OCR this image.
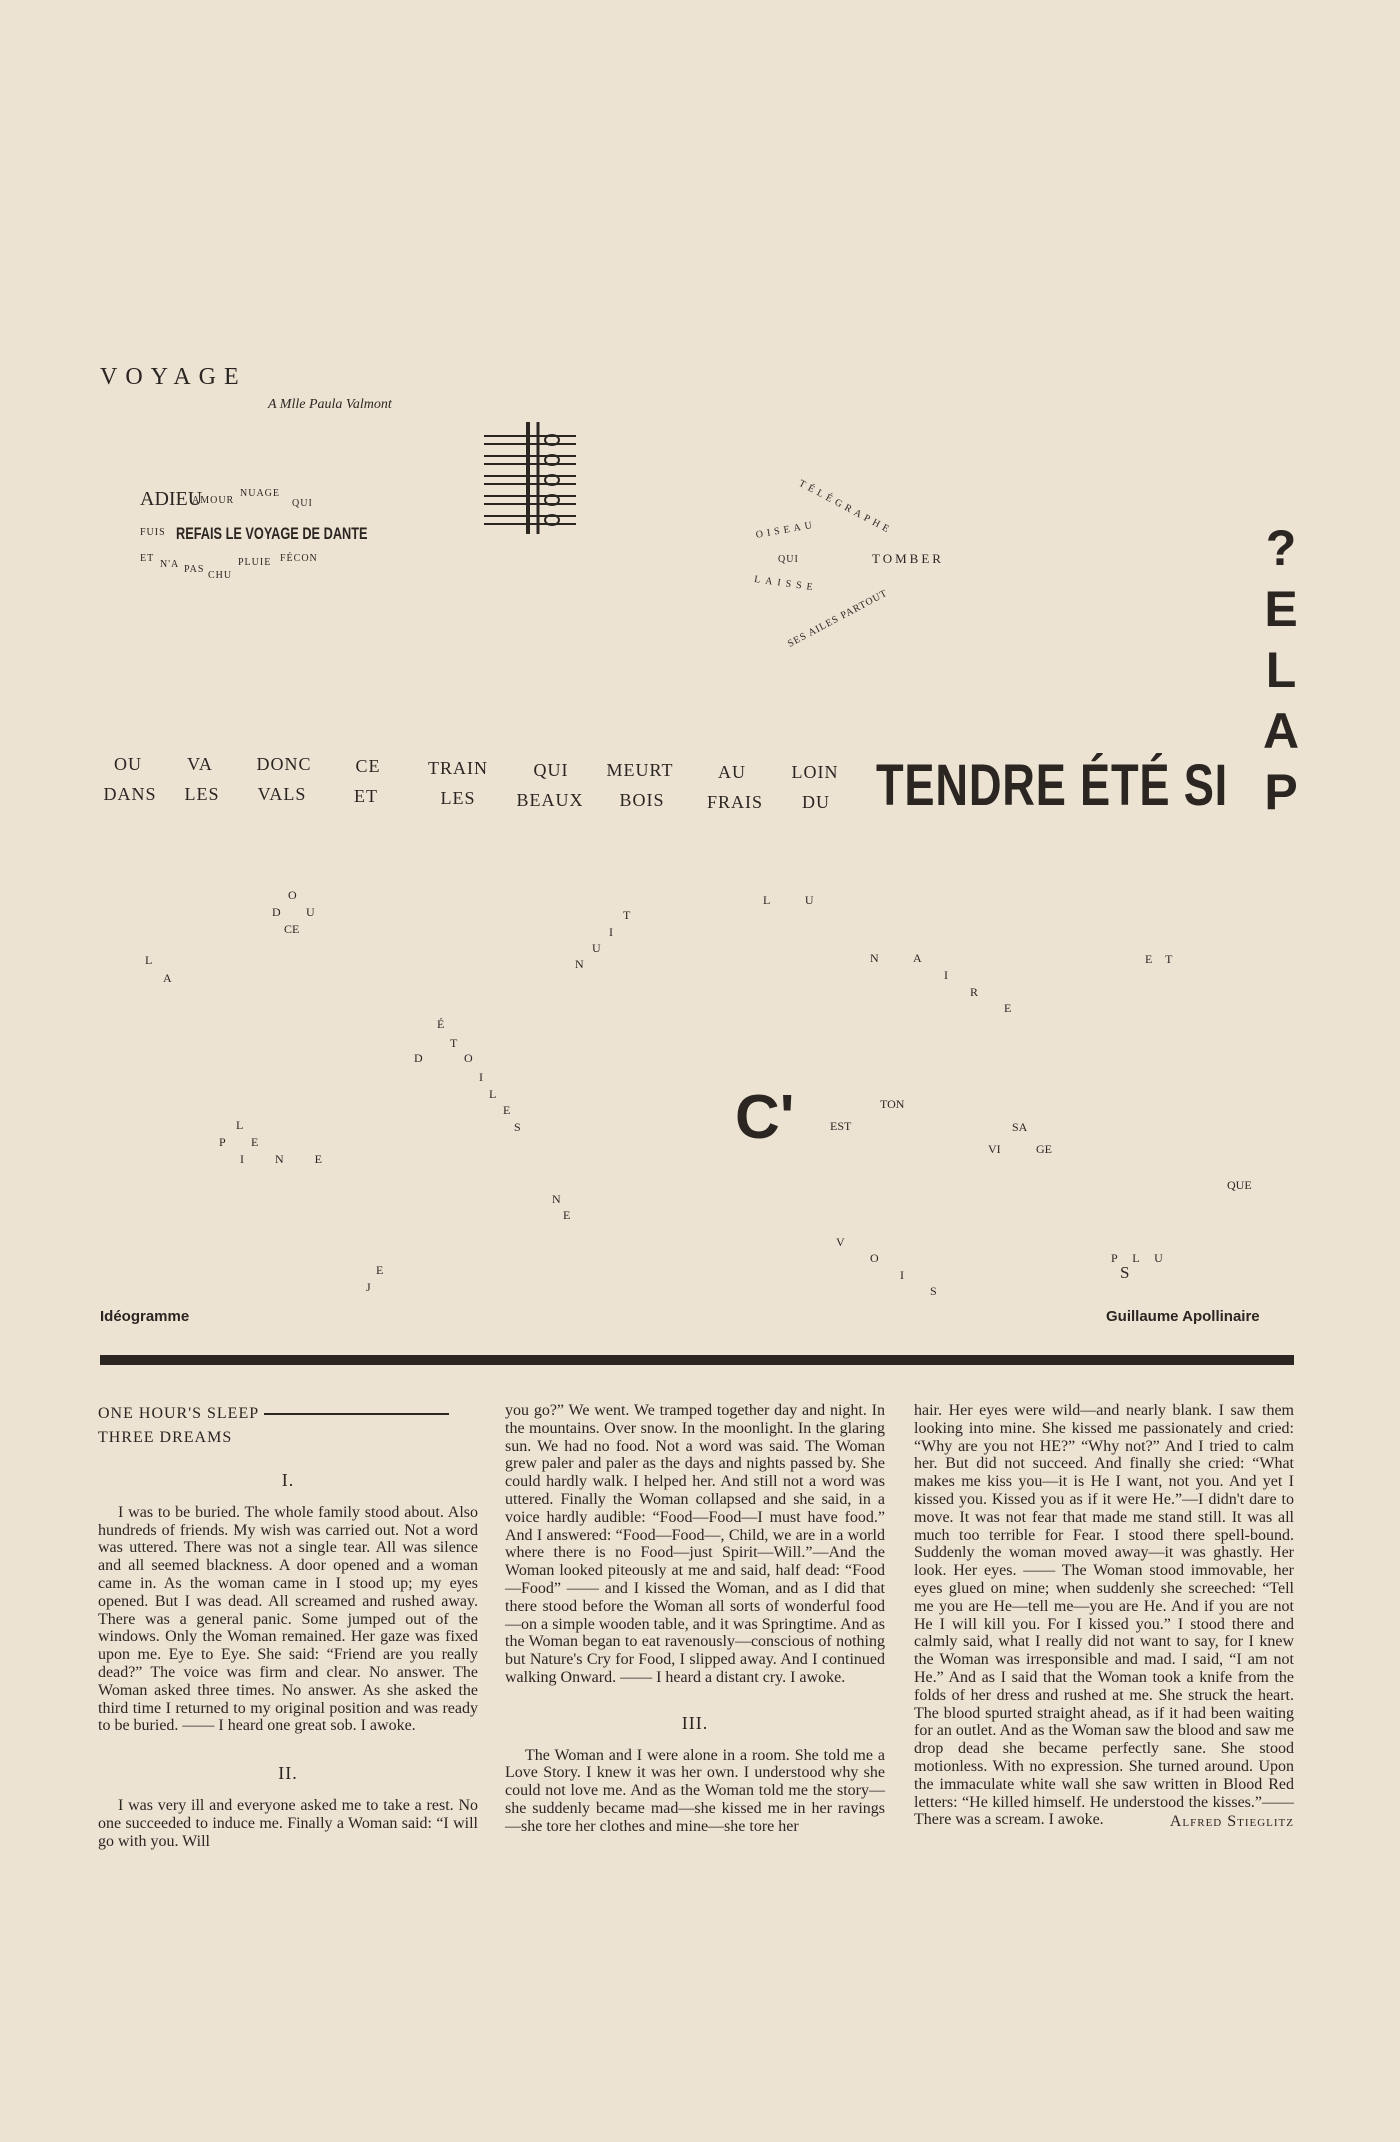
VOYAGE
A Mlle Paula Valmont
ADIEU
AMOUR
NUAGE
QUI
FUIS REFAIS LE VOYAGE DE DANTE
ET
N'A PAS
CHU
PLUIE FÉCON
TÉLÉGRAPHE
OISEAU
QUI	TOMBER
LAISSE
SES AILES PARTOUT
OU	VA	DONC	CE	TRAIN	QUI	MEURT	AU	LOIN
DANS	LES	VALS	ET	LES	BEAUX	BOIS	FRAIS	DU TENDRE ÉTÉ SI
?
E
L
A
P
O
D U
CE
L
A
T
I
U
N
L U
N	A
I
R
E
E T
É
T
D	O
I
L
E
S
L
P E
I N E
C'	EST
TON
SA
VI	GE
QUE
N
E
V
O
I
S
P L U
S
E
J
Idéogramme	Guillaume Apollinaire
ONE HOUR'S SLEEP
THREE DREAMS
I.

I was to be buried. The whole family stood about. Also hundreds of friends. My wish was carried out. Not a word was uttered. There was not a single tear. All was silence and all seemed blackness. A door opened and a woman came in. As the woman came in I stood up; my eyes opened. But I was dead. All screamed and rushed away. There was a general panic. Some jumped out of the windows. Only the Woman remained. Her gaze was fixed upon me. Eye to Eye. She said: “Friend are you really dead?” The voice was firm and clear. No answer. The Woman asked three times. No answer. As she asked the third time I returned to my original position and was ready to be buried. —— I heard one great sob. I awoke.

II.

I was very ill and everyone asked me to take a rest. No one succeeded to induce me. Finally a Woman said: “I will go with you. Will

you go?” We went. We tramped together day and night. In the mountains. Over snow. In the moonlight. In the glaring sun. We had no food. Not a word was said. The Woman grew paler and paler as the days and nights passed by. She could hardly walk. I helped her. And still not a word was uttered. Finally the Woman collapsed and she said, in a voice hardly audible: “Food—Food—I must have food.” And I answered: “Food—Food—, Child, we are in a world where there is no Food—just Spirit—Will.”—And the Woman looked piteously at me and said, half dead: “Food—Food” —— and I kissed the Woman, and as I did that there stood before the Woman all sorts of wonderful food—on a simple wooden table, and it was Springtime. And as the Woman began to eat ravenously—conscious of nothing but Nature's Cry for Food, I slipped away. And I continued walking Onward. —— I heard a distant cry. I awoke.

III.

The Woman and I were alone in a room. She told me a Love Story. I knew it was her own. I understood why she could not love me. And as the Woman told me the story—she suddenly became mad—she kissed me in her ravings—she tore her clothes and mine—she tore her

hair. Her eyes were wild—and nearly blank. I saw them looking into mine. She kissed me passionately and cried: “Why are you not HE?” “Why not?” And I tried to calm her. But did not succeed. And finally she cried: “What makes me kiss you—it is He I want, not you. And yet I kissed you. Kissed you as if it were He.”—I didn't dare to move. It was not fear that made me stand still. It was all much too terrible for Fear. I stood there spell-bound. Suddenly the woman moved away—it was ghastly. Her look. Her eyes. —— The Woman stood immovable, her eyes glued on mine; when suddenly she screeched: “Tell me you are He—tell me—you are He. And if you are not He I will kill you. For I kissed you.” I stood there and calmly said, what I really did not want to say, for I knew the Woman was irresponsible and mad. I said, “I am not He.” And as I said that the Woman took a knife from the folds of her dress and rushed at me. She struck the heart. The blood spurted straight ahead, as if it had been waiting for an outlet. And as the Woman saw the blood and saw me drop dead she became perfectly sane. She stood motionless. With no expression. She turned around. Upon the immaculate white wall she saw written in Blood Red letters: “He killed himself. He understood the kisses.”——There was a scream. I awoke.	Alfred Stieglitz
